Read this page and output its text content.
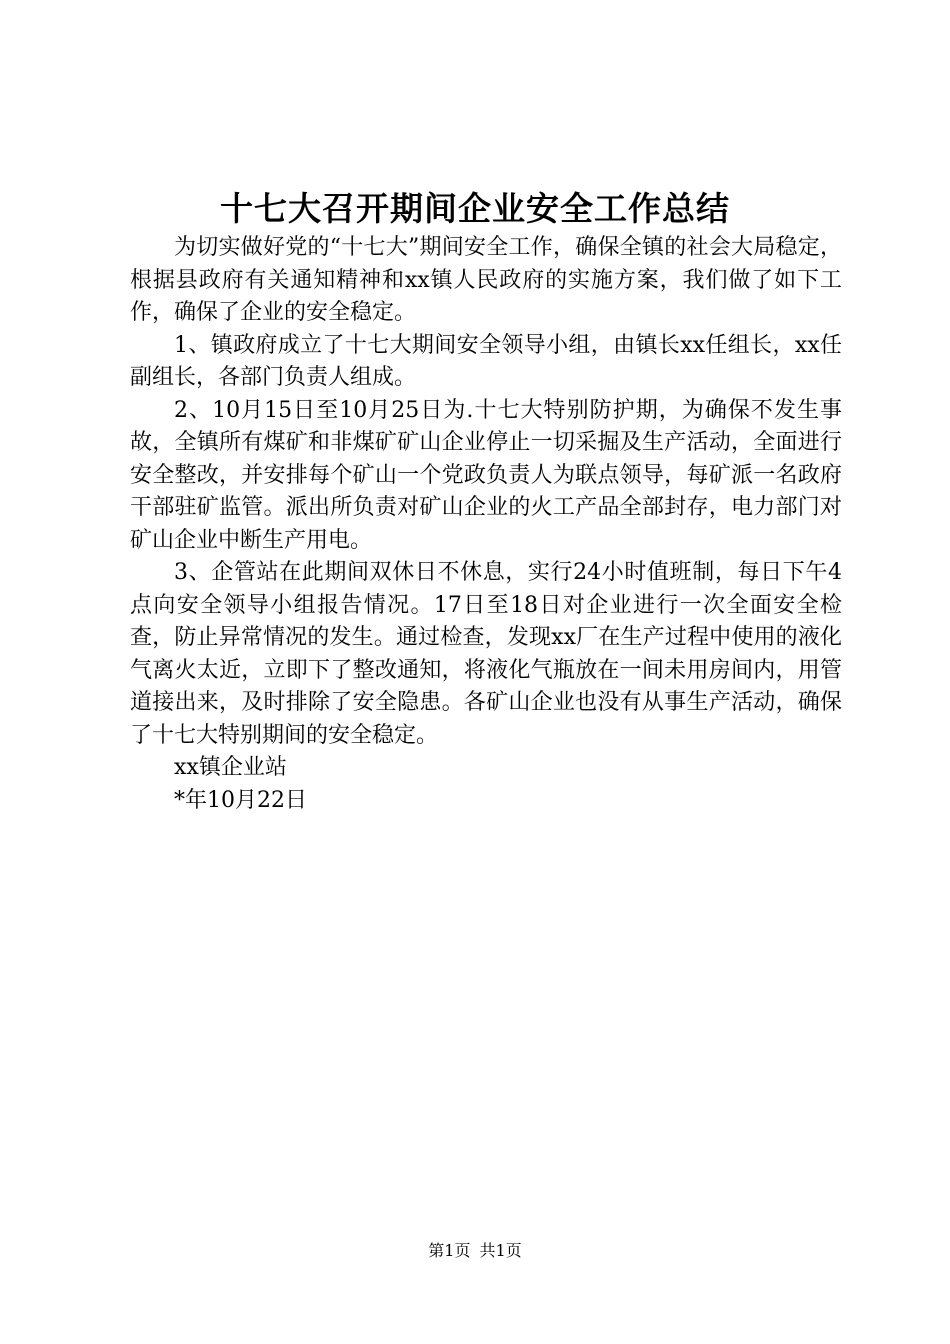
十七大召开期间企业安全工作总结

为切实做好党的“十七大”期间安全工作，确保全镇的社会大局稳定，根据县政府有关通知精神和xx镇人民政府的实施方案，我们做了如下工作，确保了企业的安全稳定。

1、镇政府成立了十七大期间安全领导小组，由镇长xx任组长，xx任副组长，各部门负责人组成。

2、10月15日至10月25日为.十七大特别防护期，为确保不发生事故，全镇所有煤矿和非煤矿矿山企业停止一切采掘及生产活动，全面进行安全整改，并安排每个矿山一个党政负责人为联点领导，每矿派一名政府干部驻矿监管。派出所负责对矿山企业的火工产品全部封存，电力部门对矿山企业中断生产用电。

3、企管站在此期间双休日不休息，实行24小时值班制，每日下午4点向安全领导小组报告情况。17日至18日对企业进行一次全面安全检查，防止异常情况的发生。通过检查，发现xx厂在生产过程中使用的液化气离火太近，立即下了整改通知，将液化气瓶放在一间未用房间内，用管道接出来，及时排除了安全隐患。各矿山企业也没有从事生产活动，确保了十七大特别期间的安全稳定。

xx镇企业站

*年10月22日

第1页 共1页
